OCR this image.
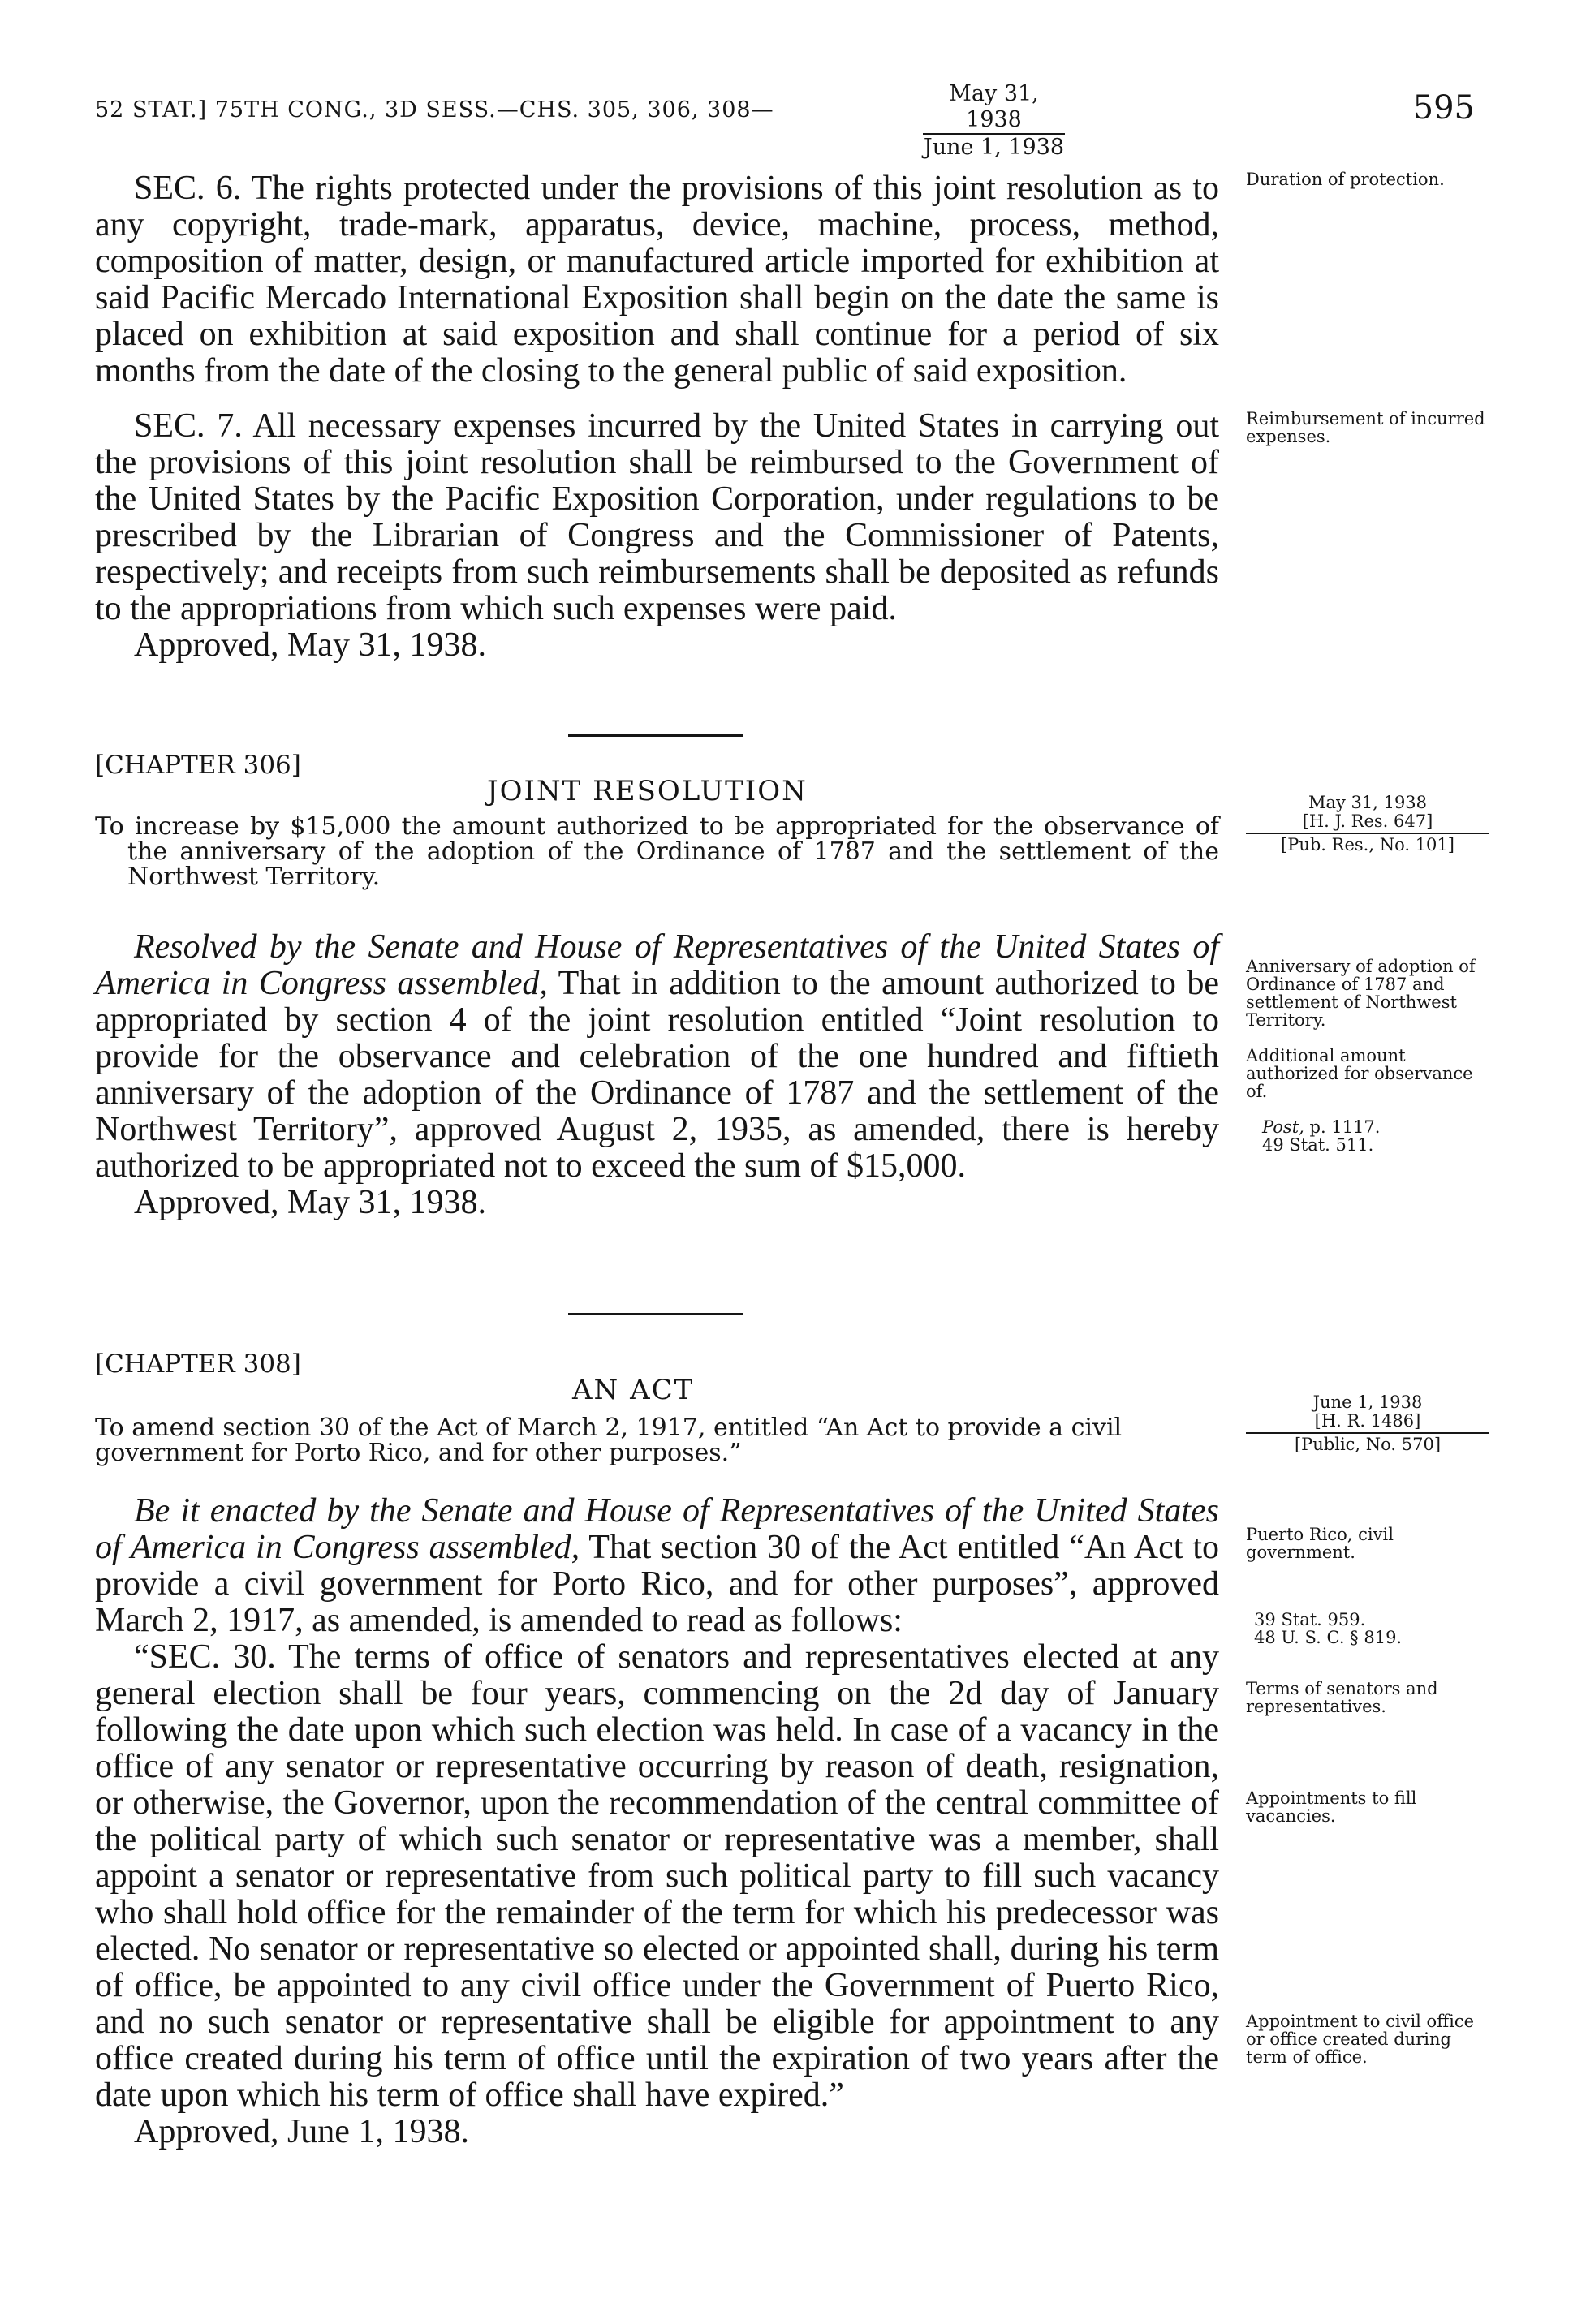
52 STAT.] 75TH CONG., 3D SESS.—CHS. 305, 306, 308—
May 31, 1938
June 1, 1938
595

SEC. 6. The rights protected under the provisions of this joint resolution as to any copyright, trade-mark, apparatus, device, machine, process, method, composition of matter, design, or manufactured article imported for exhibition at said Pacific Mercado International Exposition shall begin on the date the same is placed on exhibition at said exposition and shall continue for a period of six months from the date of the closing to the general public of said exposition.

Duration of protection.

SEC. 7. All necessary expenses incurred by the United States in carrying out the provisions of this joint resolution shall be reimbursed to the Government of the United States by the Pacific Exposition Corporation, under regulations to be prescribed by the Librarian of Congress and the Commissioner of Patents, respectively; and receipts from such reimbursements shall be deposited as refunds to the appropriations from which such expenses were paid.

Approved, May 31, 1938.

Reimbursement of incurred expenses.
[CHAPTER 306]
JOINT RESOLUTION

To increase by $15,000 the amount authorized to be appropriated for the observance of the anniversary of the adoption of the Ordinance of 1787 and the settlement of the Northwest Territory.

May 31, 1938
[H. J. Res. 647]
[Pub. Res., No. 101]

Resolved by the Senate and House of Representatives of the United States of America in Congress assembled, That in addition to the amount authorized to be appropriated by section 4 of the joint resolution entitled “Joint resolution to provide for the observance and celebration of the one hundred and fiftieth anniversary of the adoption of the Ordinance of 1787 and the settlement of the Northwest Territory”, approved August 2, 1935, as amended, there is hereby authorized to be appropriated not to exceed the sum of $15,000.

Approved, May 31, 1938.

Anniversary of adoption of Ordinance of 1787 and settlement of Northwest Territory.
Additional amount authorized for observance of.
Post, p. 1117.
49 Stat. 511.
[CHAPTER 308]
AN ACT

To amend section 30 of the Act of March 2, 1917, entitled “An Act to provide a civil government for Porto Rico, and for other purposes.”

June 1, 1938
[H. R. 1486]
[Public, No. 570]

Be it enacted by the Senate and House of Representatives of the United States of America in Congress assembled, That section 30 of the Act entitled “An Act to provide a civil government for Porto Rico, and for other purposes”, approved March 2, 1917, as amended, is amended to read as follows:

“SEC. 30. The terms of office of senators and representatives elected at any general election shall be four years, commencing on the 2d day of January following the date upon which such election was held. In case of a vacancy in the office of any senator or representative occurring by reason of death, resignation, or otherwise, the Governor, upon the recommendation of the central committee of the political party of which such senator or representative was a member, shall appoint a senator or representative from such political party to fill such vacancy who shall hold office for the remainder of the term for which his predecessor was elected. No senator or representative so elected or appointed shall, during his term of office, be appointed to any civil office under the Government of Puerto Rico, and no such senator or representative shall be eligible for appointment to any office created during his term of office until the expiration of two years after the date upon which his term of office shall have expired.”

Approved, June 1, 1938.

Puerto Rico, civil government.
39 Stat. 959.
48 U. S. C. § 819.
Terms of senators and representatives.
Appointments to fill vacancies.
Appointment to civil office or office created during term of office.
